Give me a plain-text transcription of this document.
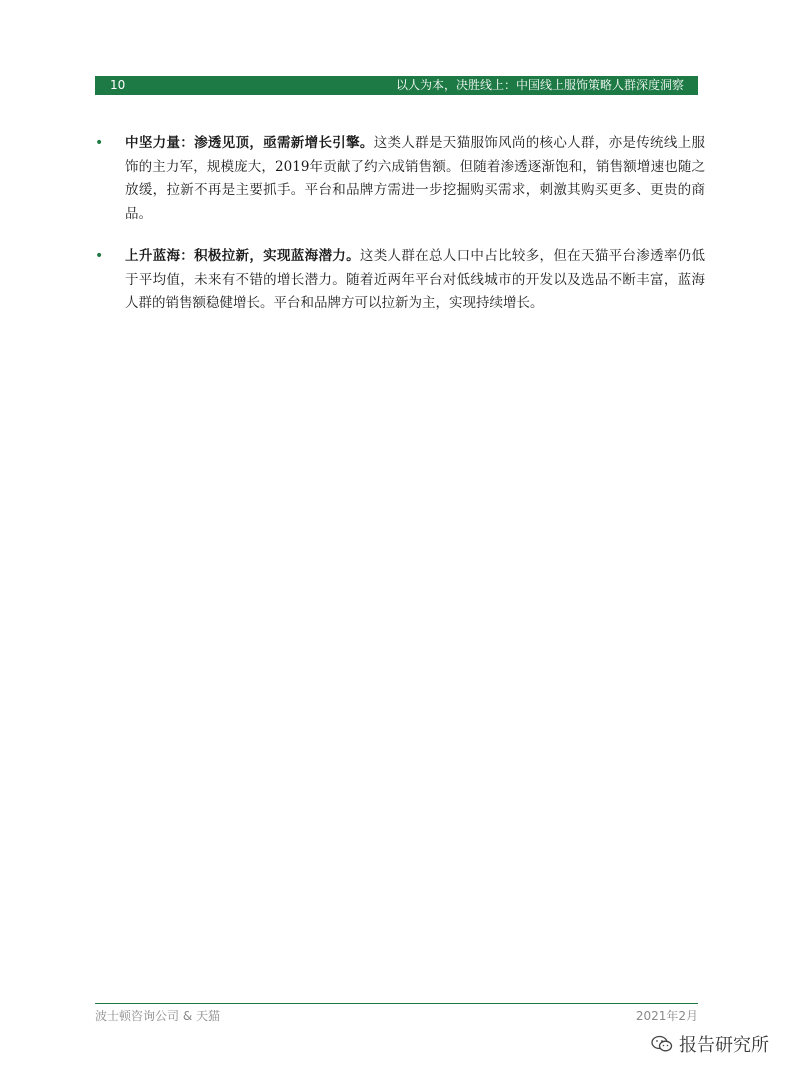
10	以人为本，决胜线上：中国线上服饰策略人群深度洞察
• 中坚力量：渗透见顶，亟需新增长引擎。这类人群是天猫服饰风尚的核心人群，亦是传统线上服饰的主力军，规模庞大，2019年贡献了约六成销售额。但随着渗透逐渐饱和，销售额增速也随之放缓，拉新不再是主要抓手。平台和品牌方需进一步挖掘购买需求，刺激其购买更多、更贵的商品。
• 上升蓝海：积极拉新，实现蓝海潜力。这类人群在总人口中占比较多，但在天猫平台渗透率仍低于平均值，未来有不错的增长潜力。随着近两年平台对低线城市的开发以及选品不断丰富，蓝海人群的销售额稳健增长。平台和品牌方可以拉新为主，实现持续增长。
波士顿咨询公司 & 天猫	2021年2月
报告研究所
